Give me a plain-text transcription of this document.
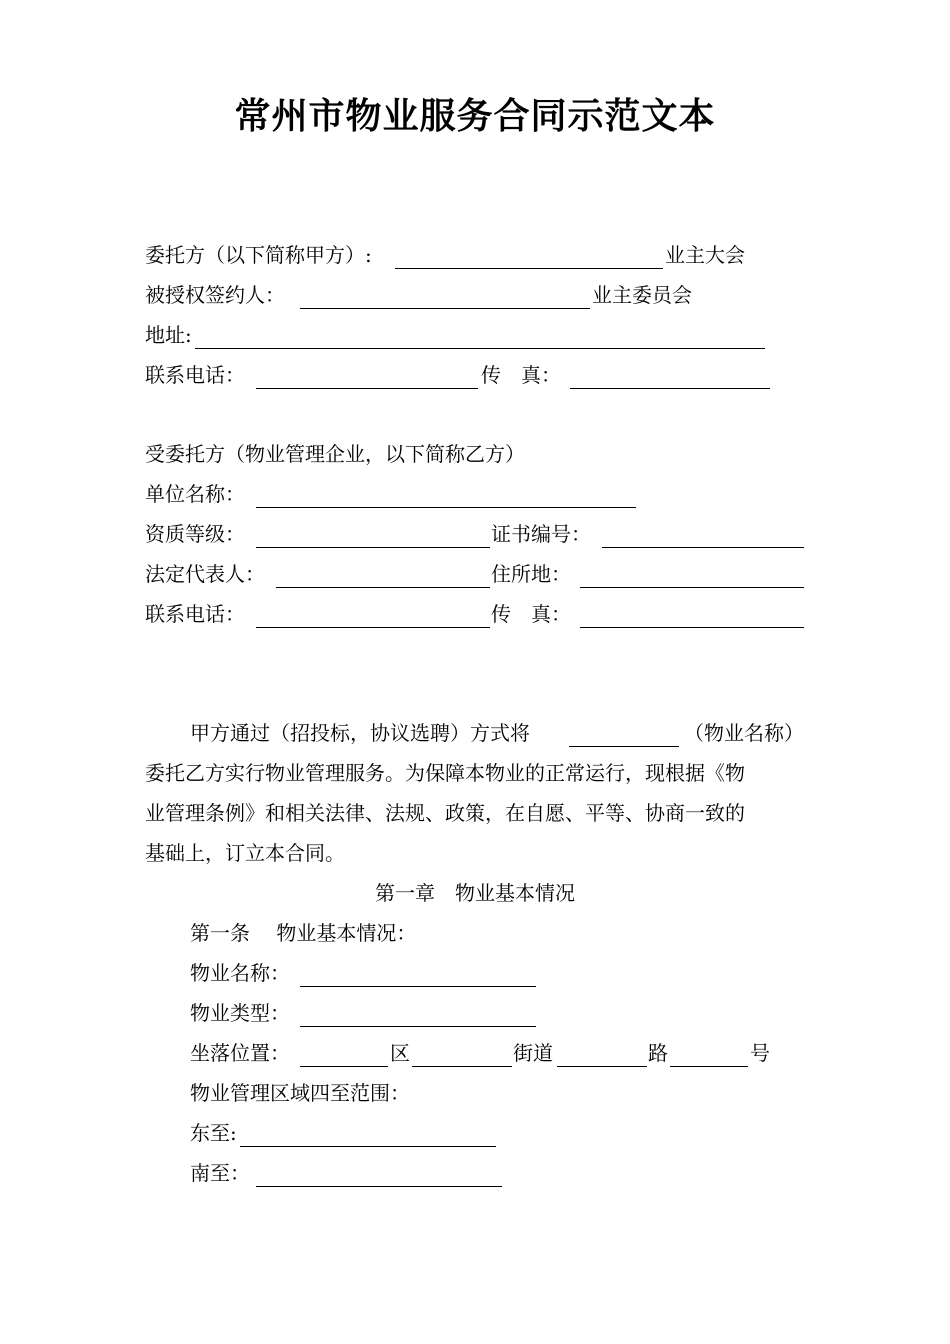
常州市物业服务合同示范文本
委托方（以下简称甲方）:	业主大会
被授权签约人：	业主委员会
地址:
联系电话：	传　真：
受委托方（物业管理企业，以下简称乙方）
单位名称：
资质等级：	证书编号：
法定代表人：	住所地：
联系电话：	传　真：
甲方通过（招投标，协议选聘）方式将	（物业名称）
委托乙方实行物业管理服务。为保障本物业的正常运行，现根据《物
业管理条例》和相关法律、法规、政策，在自愿、平等、协商一致的
基础上，订立本合同。
第一章　物业基本情况
第一条　 物业基本情况：
物业名称：
物业类型：
坐落位置：	区	街道	路	号
物业管理区域四至范围：
东至:
南至：
